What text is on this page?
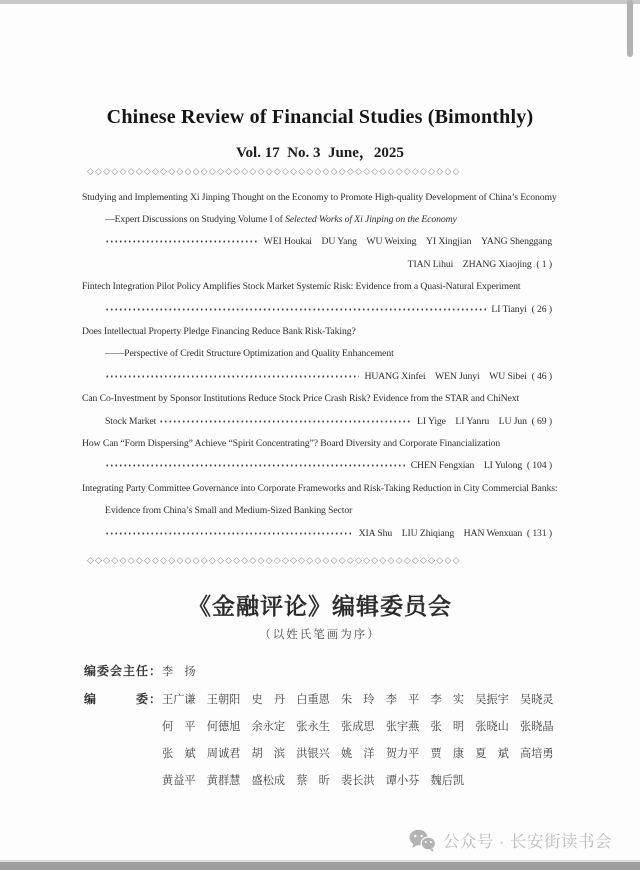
Chinese Review of Financial Studies (Bimonthly)
Vol. 17 No. 3 June，2025
◇◇◇◇◇◇◇◇◇◇◇◇◇◇◇◇◇◇◇◇◇◇◇◇◇◇◇◇◇◇◇◇◇◇◇◇◇◇◇◇◇◇◇◇◇◇
Studying and Implementing Xi Jinping Thought on the Economy to Promote High-quality Development of China’s Economy
—Expert Discussions on Studying Volume I of Selected Works of Xi Jinping on the Economy
WEI Houkai DU Yang WU Weixing YI Xingjian YANG Shenggang
TIAN Lihui ZHANG Xiaojing ( 1 )
Fintech Integration Pilot Policy Amplifies Stock Market Systemic Risk: Evidence from a Quasi-Natural Experiment
LI Tianyi ( 26 )
Does Intellectual Property Pledge Financing Reduce Bank Risk-Taking?
——Perspective of Credit Structure Optimization and Quality Enhancement
HUANG Xinfei WEN Junyi WU Sibei ( 46 )
Can Co-Investment by Sponsor Institutions Reduce Stock Price Crash Risk? Evidence from the STAR and ChiNext
Stock Market	LI Yige LI Yanru LU Jun ( 69 )
How Can “Form Dispersing” Achieve “Spirit Concentrating”? Board Diversity and Corporate Financialization
CHEN Fengxian LI Yulong ( 104 )
Integrating Party Committee Governance into Corporate Frameworks and Risk-Taking Reduction in City Commercial Banks:
Evidence from China’s Small and Medium-Sized Banking Sector
XIA Shu LIU Zhiqiang HAN Wenxuan ( 131 )
◇◇◇◇◇◇◇◇◇◇◇◇◇◇◇◇◇◇◇◇◇◇◇◇◇◇◇◇◇◇◇◇◇◇◇◇◇◇◇◇◇◇◇◇◇◇
《金融评论》编辑委员会
（以姓氏笔画为序）
编委会主任： 李　扬
编　　　委： 王广谦　王朝阳　史　丹　白重恩　朱　玲　李　平　李　实　吴振宇　吴晓灵
何　平　何德旭　余永定　张永生　张成思　张宇燕　张　明　张晓山　张晓晶
张　斌　周诚君　胡　滨　洪银兴　姚　洋　贺力平　贾　康　夏　斌　高培勇
黄益平　黄群慧　盛松成　蔡　昕　裴长洪　谭小芬　魏后凯
公众号 · 长安街读书会
